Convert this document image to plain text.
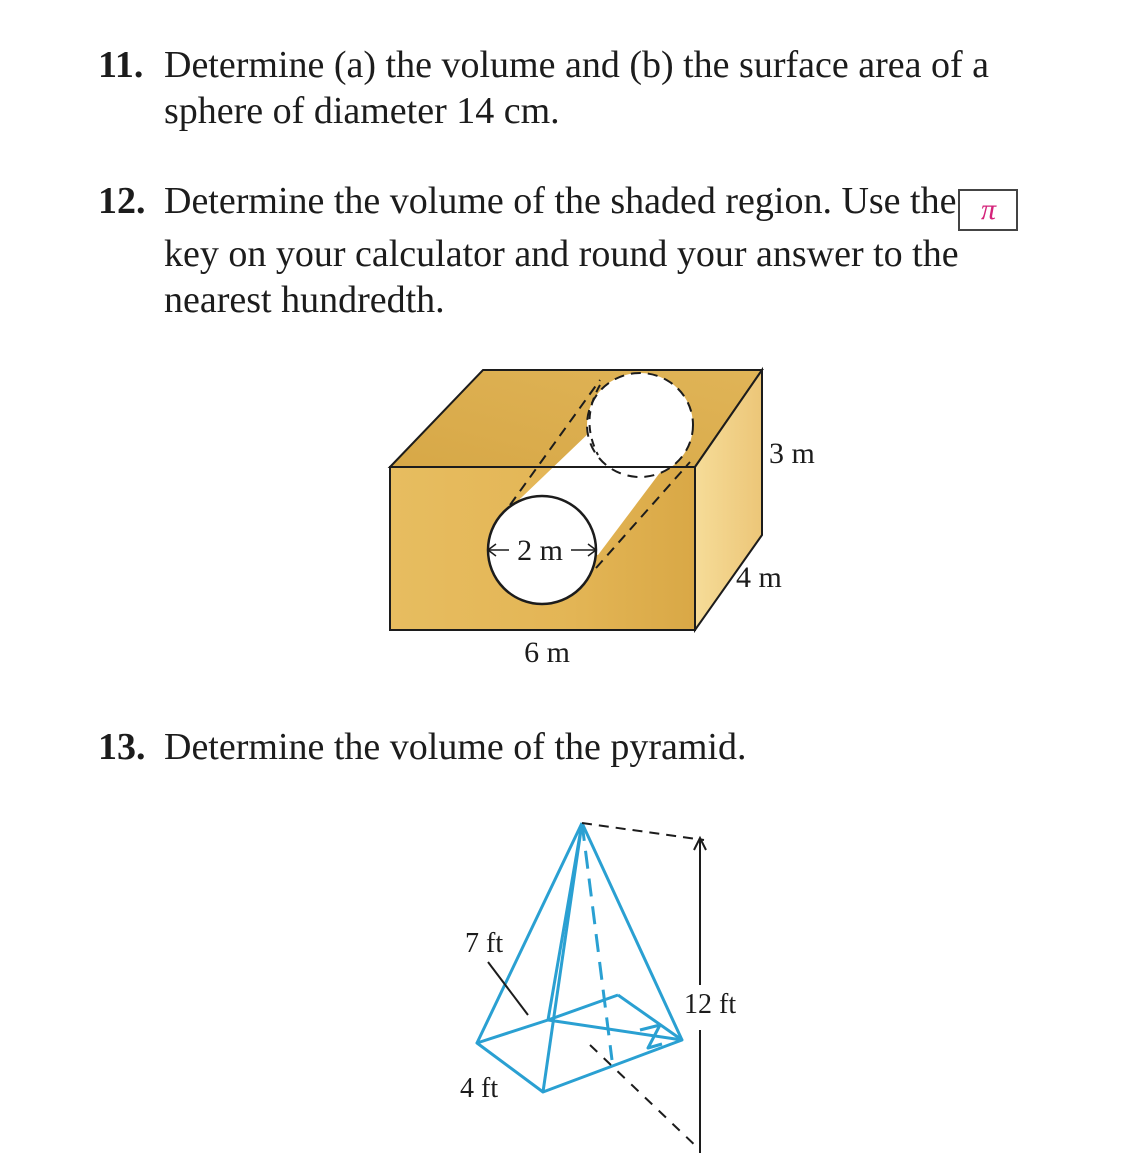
11. Determine (a) the volume and (b) the surface area of a
sphere of diameter 14 cm.
12. Determine the volume of the shaded region. Use the π
key on your calculator and round your answer to the
nearest hundredth.
2 m
3 m
4 m
6 m
13. Determine the volume of the pyramid.
7 ft
12 ft
4 ft
